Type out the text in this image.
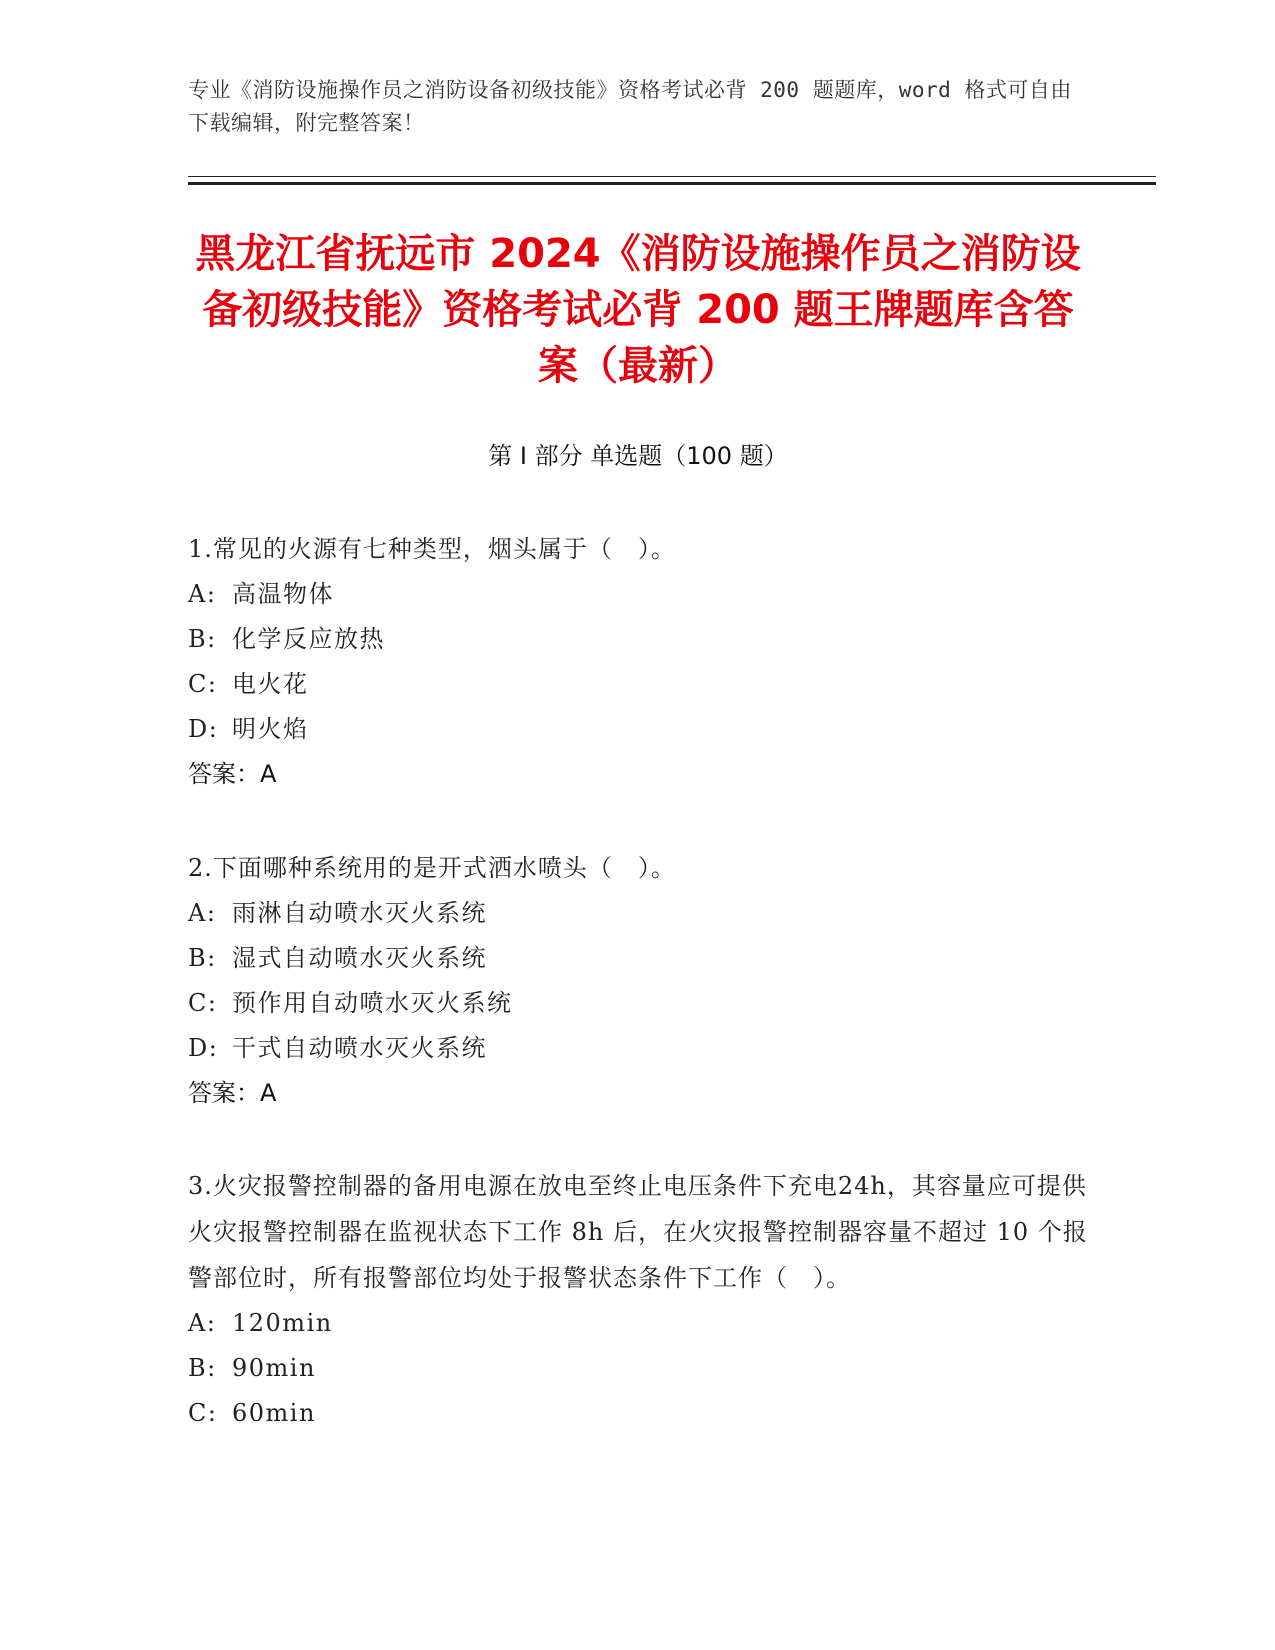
专业《消防设施操作员之消防设备初级技能》资格考试必背 200 题题库，word 格式可自由下载编辑，附完整答案！
黑龙江省抚远市 2024《消防设施操作员之消防设备初级技能》资格考试必背 200 题王牌题库含答案（最新）
第 I 部分 单选题（100 题）
1.常见的火源有七种类型，烟头属于（　）。
A: 高温物体
B: 化学反应放热
C: 电火花
D: 明火焰
答案：A
2.下面哪种系统用的是开式洒水喷头（　）。
A: 雨淋自动喷水灭火系统
B: 湿式自动喷水灭火系统
C: 预作用自动喷水灭火系统
D: 干式自动喷水灭火系统
答案：A
3.火灾报警控制器的备用电源在放电至终止电压条件下充电24h，其容量应可提供火灾报警控制器在监视状态下工作 8h 后，在火灾报警控制器容量不超过 10 个报警部位时，所有报警部位均处于报警状态条件下工作（　）。
A: 120min
B: 90min
C: 60min
